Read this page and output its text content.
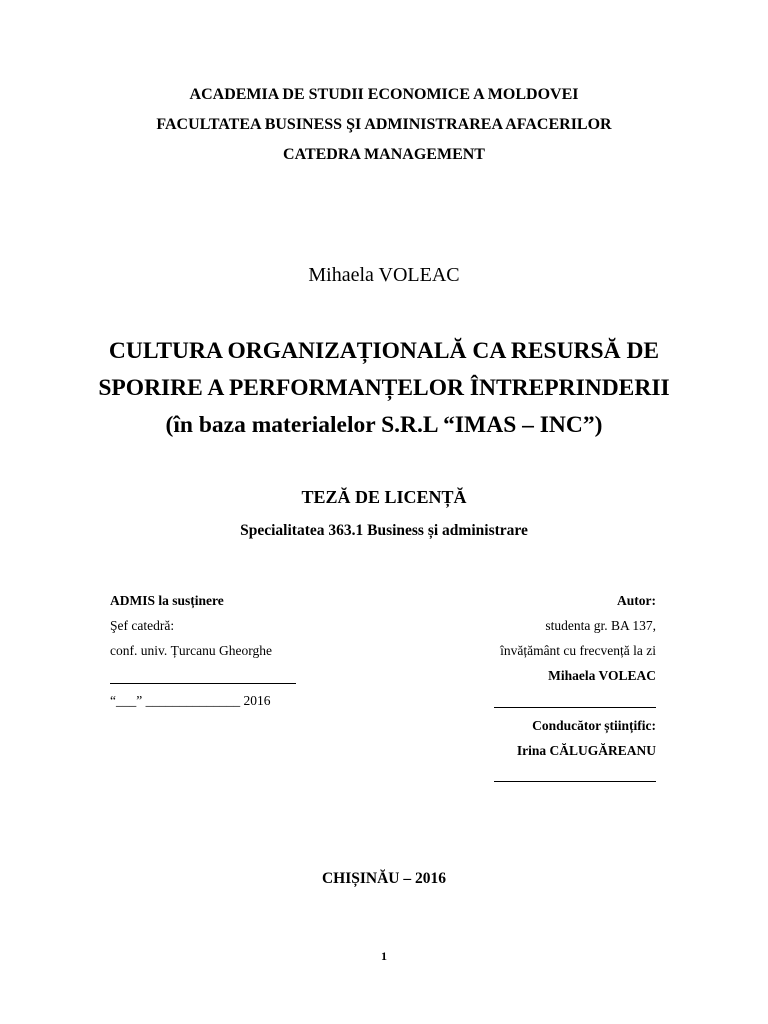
ACADEMIA DE STUDII ECONOMICE A MOLDOVEI
FACULTATEA BUSINESS ŞI ADMINISTRAREA AFACERILOR
CATEDRA MANAGEMENT
Mihaela VOLEAC
CULTURA ORGANIZAȚIONALĂ CA RESURSĂ DE
SPORIRE A PERFORMANȚELOR ÎNTREPRINDERII
(în baza materialelor S.R.L “IMAS – INC”)
TEZĂ DE LICENȚĂ
Specialitatea 363.1 Business și administrare
ADMIS la susținere
Şef catedră:
conf. univ. Țurcanu Gheorghe
“___” ______________ 2016
Autor:
studenta gr. BA 137,
învățământ cu frecvență la zi
Mihaela VOLEAC
Conducător științific:
Irina CĂLUGĂREANU
CHIȘINĂU – 2016
1
